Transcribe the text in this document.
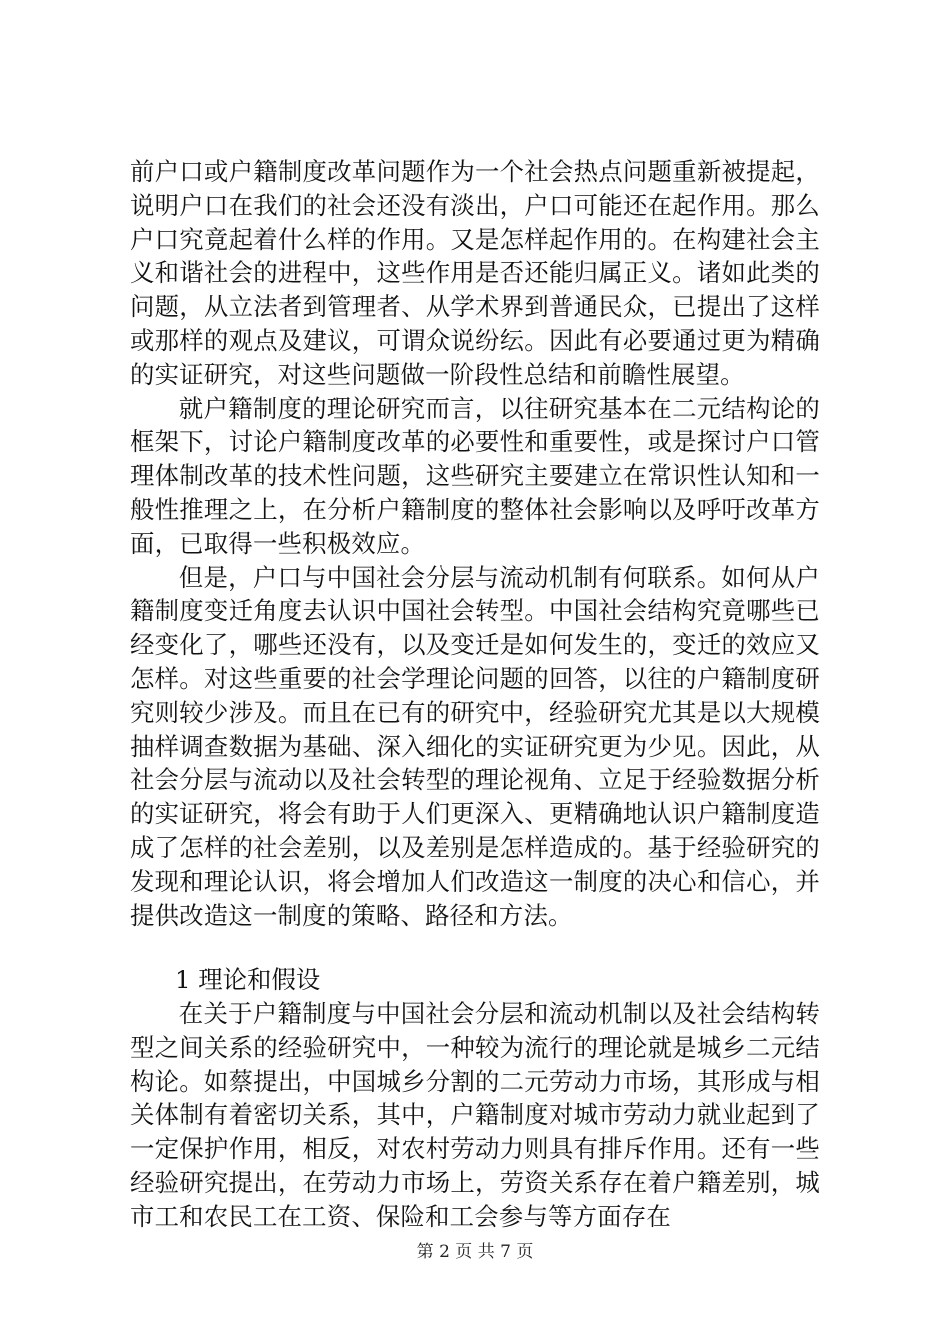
前户口或户籍制度改革问题作为一个社会热点问题重新被提起，说明户口在我们的社会还没有淡出，户口可能还在起作用。那么户口究竟起着什么样的作用。又是怎样起作用的。在构建社会主义和谐社会的进程中，这些作用是否还能归属正义。诸如此类的问题，从立法者到管理者、从学术界到普通民众，已提出了这样或那样的观点及建议，可谓众说纷纭。因此有必要通过更为精确的实证研究，对这些问题做一阶段性总结和前瞻性展望。

就户籍制度的理论研究而言，以往研究基本在二元结构论的框架下，讨论户籍制度改革的必要性和重要性，或是探讨户口管理体制改革的技术性问题，这些研究主要建立在常识性认知和一般性推理之上，在分析户籍制度的整体社会影响以及呼吁改革方面，已取得一些积极效应。

但是，户口与中国社会分层与流动机制有何联系。如何从户籍制度变迁角度去认识中国社会转型。中国社会结构究竟哪些已经变化了，哪些还没有，以及变迁是如何发生的，变迁的效应又怎样。对这些重要的社会学理论问题的回答，以往的户籍制度研究则较少涉及。而且在已有的研究中，经验研究尤其是以大规模抽样调查数据为基础、深入细化的实证研究更为少见。因此，从社会分层与流动以及社会转型的理论视角、立足于经验数据分析的实证研究，将会有助于人们更深入、更精确地认识户籍制度造成了怎样的社会差别，以及差别是怎样造成的。基于经验研究的发现和理论认识，将会增加人们改造这一制度的决心和信心，并提供改造这一制度的策略、路径和方法。

1 理论和假设

在关于户籍制度与中国社会分层和流动机制以及社会结构转型之间关系的经验研究中，一种较为流行的理论就是城乡二元结构论。如蔡提出，中国城乡分割的二元劳动力市场，其形成与相关体制有着密切关系，其中，户籍制度对城市劳动力就业起到了一定保护作用，相反，对农村劳动力则具有排斥作用。还有一些经验研究提出，在劳动力市场上，劳资关系存在着户籍差别，城市工和农民工在工资、保险和工会参与等方面存在

第 2 页 共 7 页
